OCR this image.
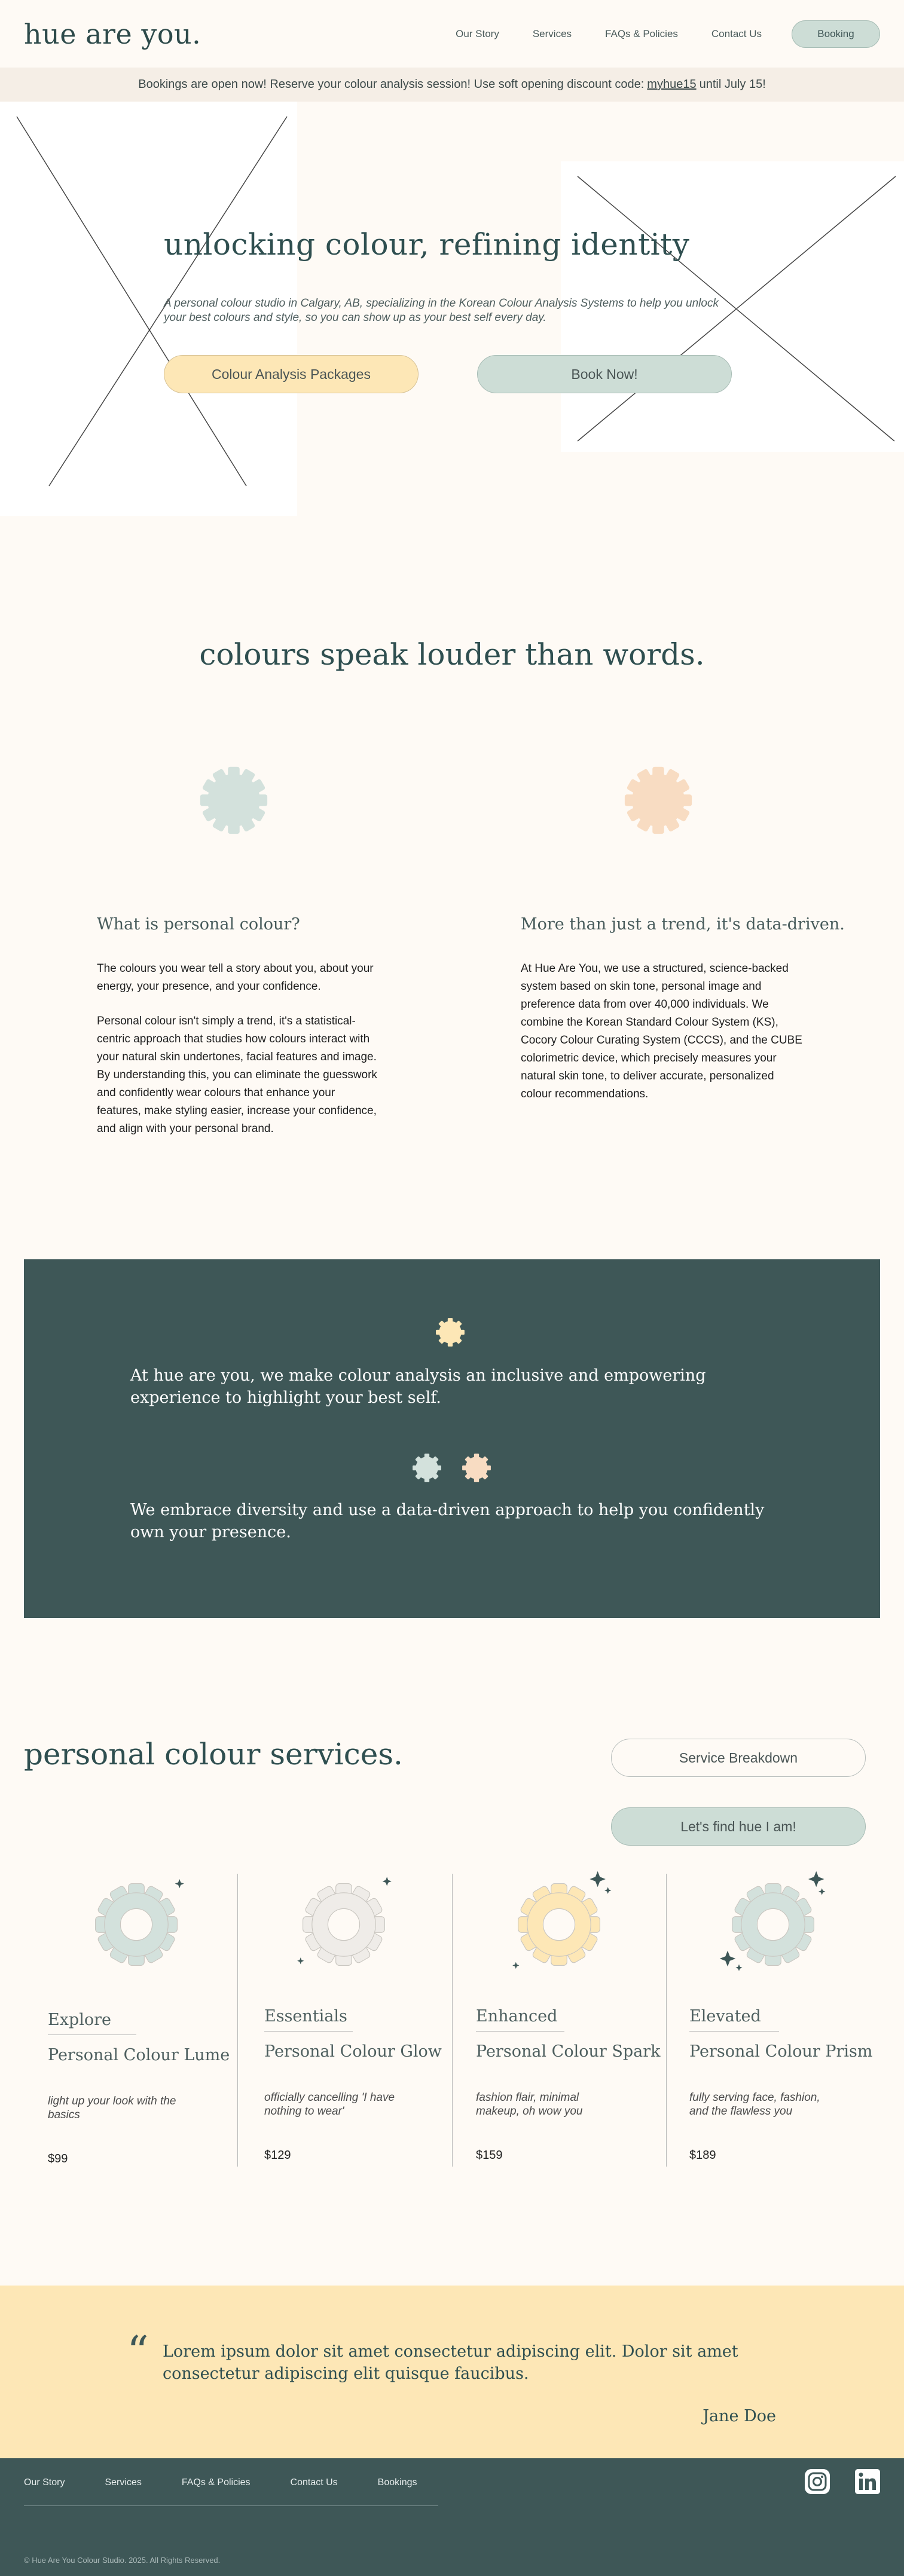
hue are you.	Our Story	Services	FAQs & Policies	Contact Us	Booking
Bookings are open now! Reserve your colour analysis session! Use soft opening discount code: myhue15 until July 15!
unlocking colour, refining identity
A personal colour studio in Calgary, AB, specializing in the Korean Colour Analysis Systems to help you unlock your best colours and style, so you can show up as your best self every day.
Colour Analysis Packages	Book Now!
colours speak louder than words.
What is personal colour?
The colours you wear tell a story about you, about your energy, your presence, and your confidence.
Personal colour isn't simply a trend, it's a statistical-centric approach that studies how colours interact with your natural skin undertones, facial features and image. By understanding this, you can eliminate the guesswork and confidently wear colours that enhance your features, make styling easier, increase your confidence, and align with your personal brand.
More than just a trend, it's data-driven.
At Hue Are You, we use a structured, science-backed system based on skin tone, personal image and preference data from over 40,000 individuals. We combine the Korean Standard Colour System (KS), Cocory Colour Curating System (CCCS), and the CUBE colorimetric device, which precisely measures your natural skin tone, to deliver accurate, personalized colour recommendations.
At hue are you, we make colour analysis an inclusive and empowering experience to highlight your best self.
We embrace diversity and use a data-driven approach to help you confidently own your presence.
personal colour services.	Service Breakdown
Let's find hue I am!
Explore
Personal Colour Lume
light up your look with the basics
$99
Essentials
Personal Colour Glow
officially cancelling 'I have nothing to wear'
$129
Enhanced
Personal Colour Spark
fashion flair, minimal makeup, oh wow you
$159
Elevated
Personal Colour Prism
fully serving face, fashion, and the flawless you
$189
“ Lorem ipsum dolor sit amet consectetur adipiscing elit. Dolor sit amet consectetur adipiscing elit quisque faucibus.
Jane Doe
Our Story	Services	FAQs & Policies	Contact Us	Bookings
© Hue Are You Colour Studio. 2025. All Rights Reserved.
